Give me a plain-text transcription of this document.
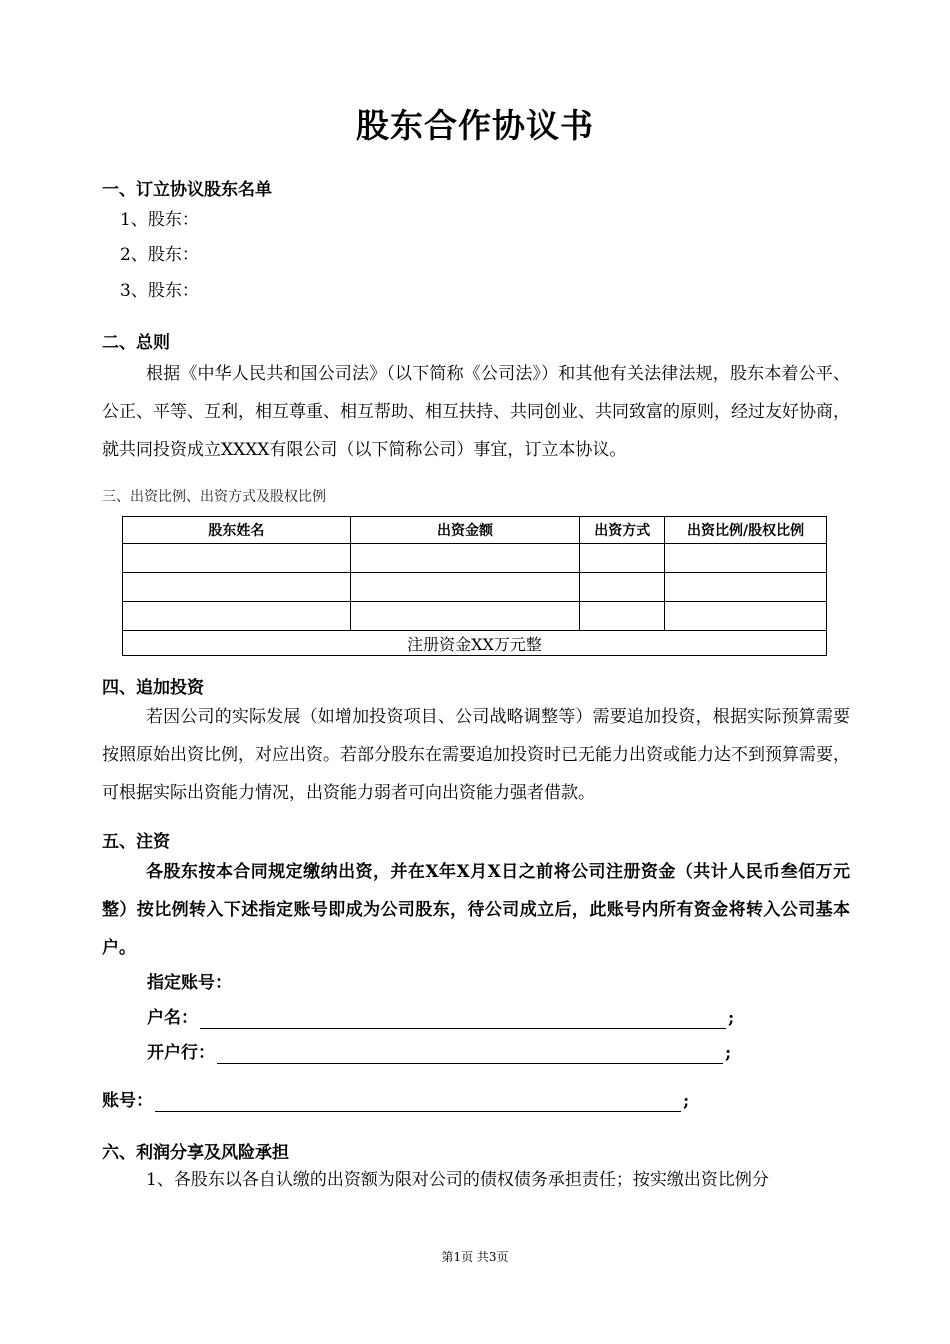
股东合作协议书
一、订立协议股东名单
1、股东：
2、股东：
3、股东：
二、总则

根据《中华人民共和国公司法》（以下简称《公司法》）和其他有关法律法规，股东本着公平、公正、平等、互利，相互尊重、相互帮助、相互扶持、共同创业、共同致富的原则，经过友好协商，就共同投资成立XXXX有限公司（以下简称公司）事宜，订立本协议。

三、出资比例、出资方式及股权比例
股东姓名	出资金额	出资方式	出资比例/股权比例

注册资金XX万元整			
四、追加投资

若因公司的实际发展（如增加投资项目、公司战略调整等）需要追加投资，根据实际预算需要按照原始出资比例，对应出资。若部分股东在需要追加投资时已无能力出资或能力达不到预算需要，可根据实际出资能力情况，出资能力弱者可向出资能力强者借款。

五、注资

各股东按本合同规定缴纳出资，并在X年X月X日之前将公司注册资金（共计人民币叁佰万元整）按比例转入下述指定账号即成为公司股东，待公司成立后，此账号内所有资金将转入公司基本户。

指定账号：
户名：	;
开户行：	;
账号：	;
六、利润分享及风险承担

1、各股东以各自认缴的出资额为限对公司的债权债务承担责任；按实缴出资比例分

第1页 共3页
